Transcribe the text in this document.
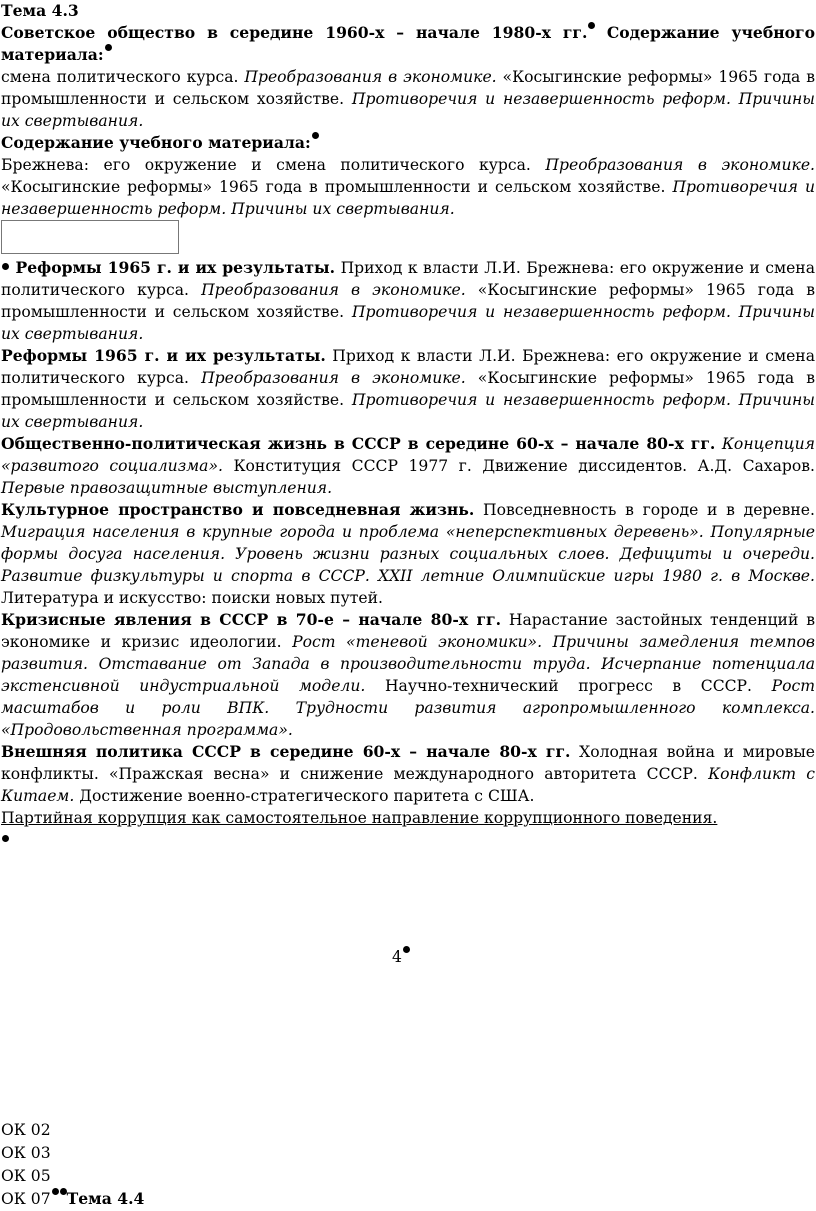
Тема 4.3
Советское общество в середине 1960-х – начале 1980-х гг. Содержание учебного материала:
смена политического курса. Преобразования в экономике. «Косыгинские реформы» 1965 года в промышленности и сельском хозяйстве. Противоречия и незавершенность реформ. Причины их свертывания.
Содержание учебного материала:
Брежнева: его окружение и смена политического курса. Преобразования в экономике. «Косыгинские реформы» 1965 года в промышленности и сельском хозяйстве. Противоречия и незавершенность реформ. Причины их свертывания.
Реформы 1965 г. и их результаты. Приход к власти Л.И. Брежнева: его окружение и смена политического курса. Преобразования в экономике. «Косыгинские реформы» 1965 года в промышленности и сельском хозяйстве. Противоречия и незавершенность реформ. Причины их свертывания.
Реформы 1965 г. и их результаты. Приход к власти Л.И. Брежнева: его окружение и смена политического курса. Преобразования в экономике. «Косыгинские реформы» 1965 года в промышленности и сельском хозяйстве. Противоречия и незавершенность реформ. Причины их свертывания.
Общественно-политическая жизнь в СССР в середине 60-х – начале 80-х гг. Концепция «развитого социализма». Конституция СССР 1977 г. Движение диссидентов. А.Д. Сахаров. Первые правозащитные выступления.
Культурное пространство и повседневная жизнь. Повседневность в городе и в деревне. Миграция населения в крупные города и проблема «неперспективных деревень». Популярные формы досуга населения. Уровень жизни разных социальных слоев. Дефициты и очереди. Развитие физкультуры и спорта в СССР. XXII летние Олимпийские игры 1980 г. в Москве. Литература и искусство: поиски новых путей.
Кризисные явления в СССР в 70-е – начале 80-х гг. Нарастание застойных тенденций в экономике и кризис идеологии. Рост «теневой экономики». Причины замедления темпов развития. Отставание от Запада в производительности труда. Исчерпание потенциала экстенсивной индустриальной модели. Научно-технический прогресс в СССР. Рост масштабов и роли ВПК. Трудности развития агропромышленного комплекса. «Продовольственная программа».
Внешняя политика СССР в середине 60-х – начале 80-х гг. Холодная война и мировые конфликты. «Пражская весна» и снижение международного авторитета СССР. Конфликт с Китаем. Достижение военно-стратегического паритета с США.
Партийная коррупция как самостоятельное направление коррупционного поведения.
4
ОК 02
ОК 03
ОК 05
ОК 07 Тема 4.4
